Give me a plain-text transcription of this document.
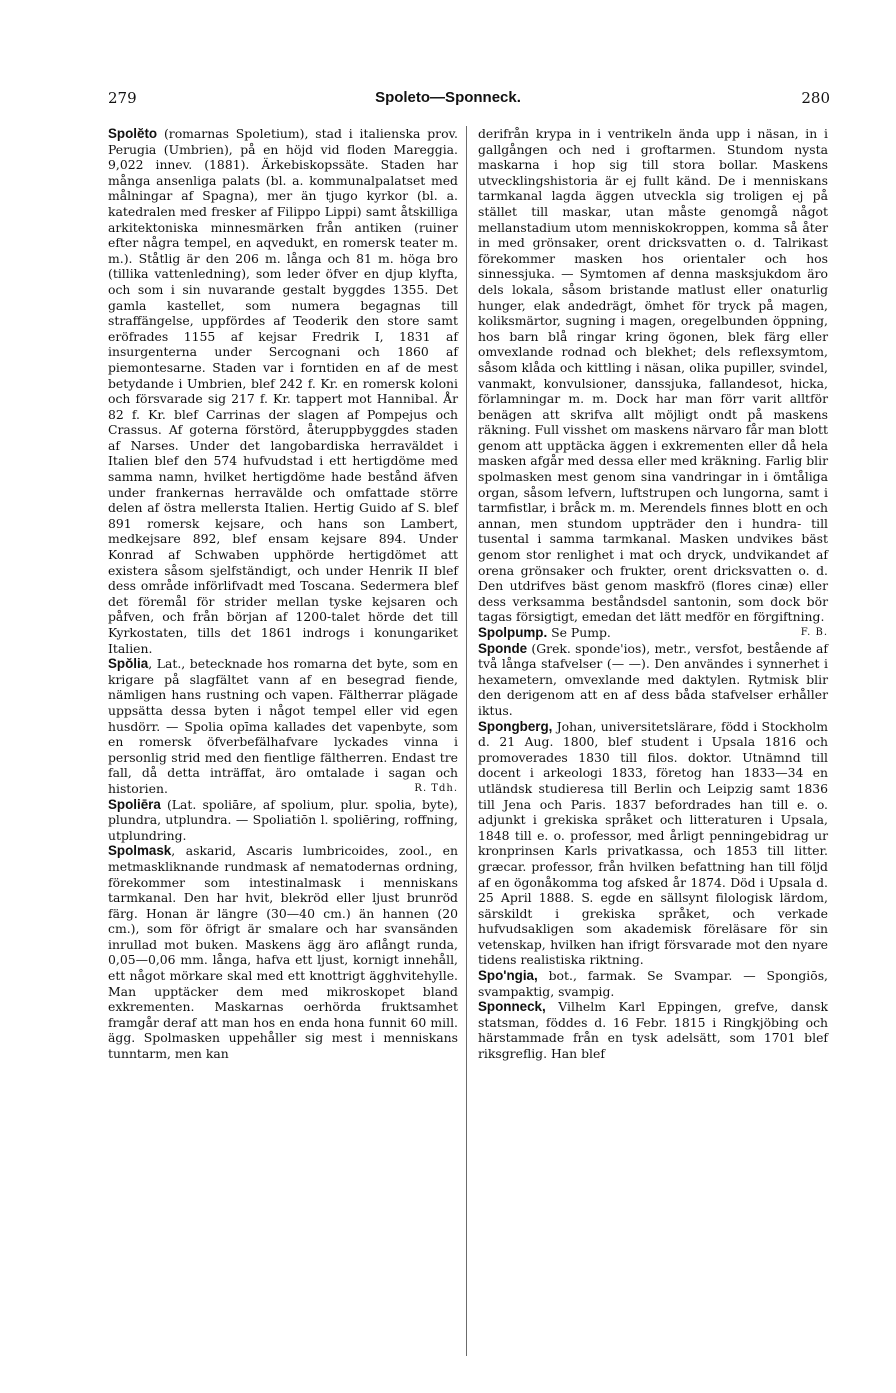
279	Spoleto—Sponneck.	280

Spolĕto (romarnas Spoletium), stad i italienska prov. Perugia (Umbrien), på en höjd vid floden Mareggia. 9,022 innev. (1881). Ärkebiskopssäte. Staden har många ansenliga palats (bl. a. kommunalpalatset med målningar af Spagna), mer än tjugo kyrkor (bl. a. katedralen med fresker af Filippo Lippi) samt åtskilliga arkitektoniska minnesmärken från antiken (ruiner efter några tempel, en aqvedukt, en romersk teater m. m.). Ståtlig är den 206 m. långa och 81 m. höga bro (tillika vattenledning), som leder öfver en djup klyfta, och som i sin nuvarande gestalt byggdes 1355. Det gamla kastellet, som numera begagnas till straffängelse, uppfördes af Teoderik den store samt eröfrades 1155 af kejsar Fredrik I, 1831 af insurgenterna under Sercognani och 1860 af piemontesarne. Staden var i forntiden en af de mest betydande i Umbrien, blef 242 f. Kr. en romersk koloni och försvarade sig 217 f. Kr. tappert mot Hannibal. År 82 f. Kr. blef Carrinas der slagen af Pompejus och Crassus. Af goterna förstörd, återuppbyggdes staden af Narses. Under det langobardiska herraväldet i Italien blef den 574 hufvudstad i ett hertigdöme med samma namn, hvilket hertigdöme hade bestånd äfven under frankernas herravälde och omfattade större delen af östra mellersta Italien. Hertig Guido af S. blef 891 romersk kejsare, och hans son Lambert, medkejsare 892, blef ensam kejsare 894. Under Konrad af Schwaben upphörde hertigdömet att existera såsom sjelfständigt, och under Henrik II blef dess område införlifvadt med Toscana. Sedermera blef det föremål för strider mellan tyske kejsaren och påfven, och från början af 1200-talet hörde det till Kyrkostaten, tills det 1861 indrogs i konungariket Italien.

Spŏlia, Lat., betecknade hos romarna det byte, som en krigare på slagfältet vann af en besegrad fiende, nämligen hans rustning och vapen. Fältherrar plägade uppsätta dessa byten i något tempel eller vid egen husdörr. — Spolia opīma kallades det vapenbyte, som en romersk öfverbefälhafvare lyckades vinna i personlig strid med den fientlige fältherren. Endast tre fall, då detta inträffat, äro omtalade i sagan och historien.	R. Tdh.

Spoliēra (Lat. spoliāre, af spolium, plur. spolia, byte), plundra, utplundra. — Spoliatiōn l. spoliēring, roffning, utplundring.

Spolmask, askarid, Ascaris lumbricoides, zool., en metmaskliknande rundmask af nematodernas ordning, förekommer som intestinalmask i menniskans tarmkanal. Den har hvit, blekröd eller ljust brunröd färg. Honan är längre (30—40 cm.) än hannen (20 cm.), som för öfrigt är smalare och har svansänden inrullad mot buken. Maskens ägg äro aflångt runda, 0,05—0,06 mm. långa, hafva ett ljust, kornigt innehåll, ett något mörkare skal med ett knottrigt ägghvitehylle. Man upptäcker dem med mikroskopet bland exkrementen. Maskarnas oerhörda fruktsamhet framgår deraf att man hos en enda hona funnit 60 mill. ägg. Spolmasken uppehåller sig mest i menniskans tunntarm, men kan

derifrån krypa in i ventrikeln ända upp i näsan, in i gallgången och ned i groftarmen. Stundom nysta maskarna i hop sig till stora bollar. Maskens utvecklingshistoria är ej fullt känd. De i menniskans tarmkanal lagda äggen utveckla sig troligen ej på stället till maskar, utan måste genomgå något mellanstadium utom menniskokroppen, komma så åter in med grönsaker, orent dricksvatten o. d. Talrikast förekommer masken hos orientaler och hos sinnessjuka. — Symtomen af denna masksjukdom äro dels lokala, såsom bristande matlust eller onaturlig hunger, elak andedrägt, ömhet för tryck på magen, koliksmärtor, sugning i magen, oregelbunden öppning, hos barn blå ringar kring ögonen, blek färg eller omvexlande rodnad och blekhet; dels reflexsymtom, såsom klåda och kittling i näsan, olika pupiller, svindel, vanmakt, konvulsioner, danssjuka, fallandesot, hicka, förlamningar m. m. Dock har man förr varit alltför benägen att skrifva allt möjligt ondt på maskens räkning. Full visshet om maskens närvaro får man blott genom att upptäcka äggen i exkrementen eller då hela masken afgår med dessa eller med kräkning. Farlig blir spolmasken mest genom sina vandringar in i ömtåliga organ, såsom lefvern, luftstrupen och lungorna, samt i tarmfistlar, i bråck m. m. Merendels finnes blott en och annan, men stundom uppträder den i hundra- till tusental i samma tarmkanal. Masken undvikes bäst genom stor renlighet i mat och dryck, undvikandet af orena grönsaker och frukter, orent dricksvatten o. d. Den utdrifves bäst genom maskfrö (flores cinæ) eller dess verksamma beståndsdel santonin, som dock bör tagas försigtigt, emedan det lätt medför en förgiftning.
F. B.

Spolpump. Se Pump.

Sponde (Grek. sponde'ios), metr., versfot, bestående af två långa stafvelser (— —). Den användes i synnerhet i hexametern, omvexlande med daktylen. Rytmisk blir den derigenom att en af dess båda stafvelser erhåller iktus.

Spongberg, Johan, universitetslärare, född i Stockholm d. 21 Aug. 1800, blef student i Upsala 1816 och promoverades 1830 till filos. doktor. Utnämnd till docent i arkeologi 1833, företog han 1833—34 en utländsk studieresa till Berlin och Leipzig samt 1836 till Jena och Paris. 1837 befordrades han till e. o. adjunkt i grekiska språket och litteraturen i Upsala, 1848 till e. o. professor, med årligt penningebidrag ur kronprinsen Karls privatkassa, och 1853 till litter. græcar. professor, från hvilken befattning han till följd af en ögonåkomma tog afsked år 1874. Död i Upsala d. 25 April 1888. S. egde en sällsynt filologisk lärdom, särskildt i grekiska språket, och verkade hufvudsakligen som akademisk föreläsare för sin vetenskap, hvilken han ifrigt försvarade mot den nyare tidens realistiska riktning.

Spo'ngia, bot., farmak. Se Svampar. — Spongiōs, svampaktig, svampig.

Sponneck, Vilhelm Karl Eppingen, grefve, dansk statsman, föddes d. 16 Febr. 1815 i Ringkjöbing och härstammade från en tysk adelsätt, som 1701 blef riksgreflig. Han blef
